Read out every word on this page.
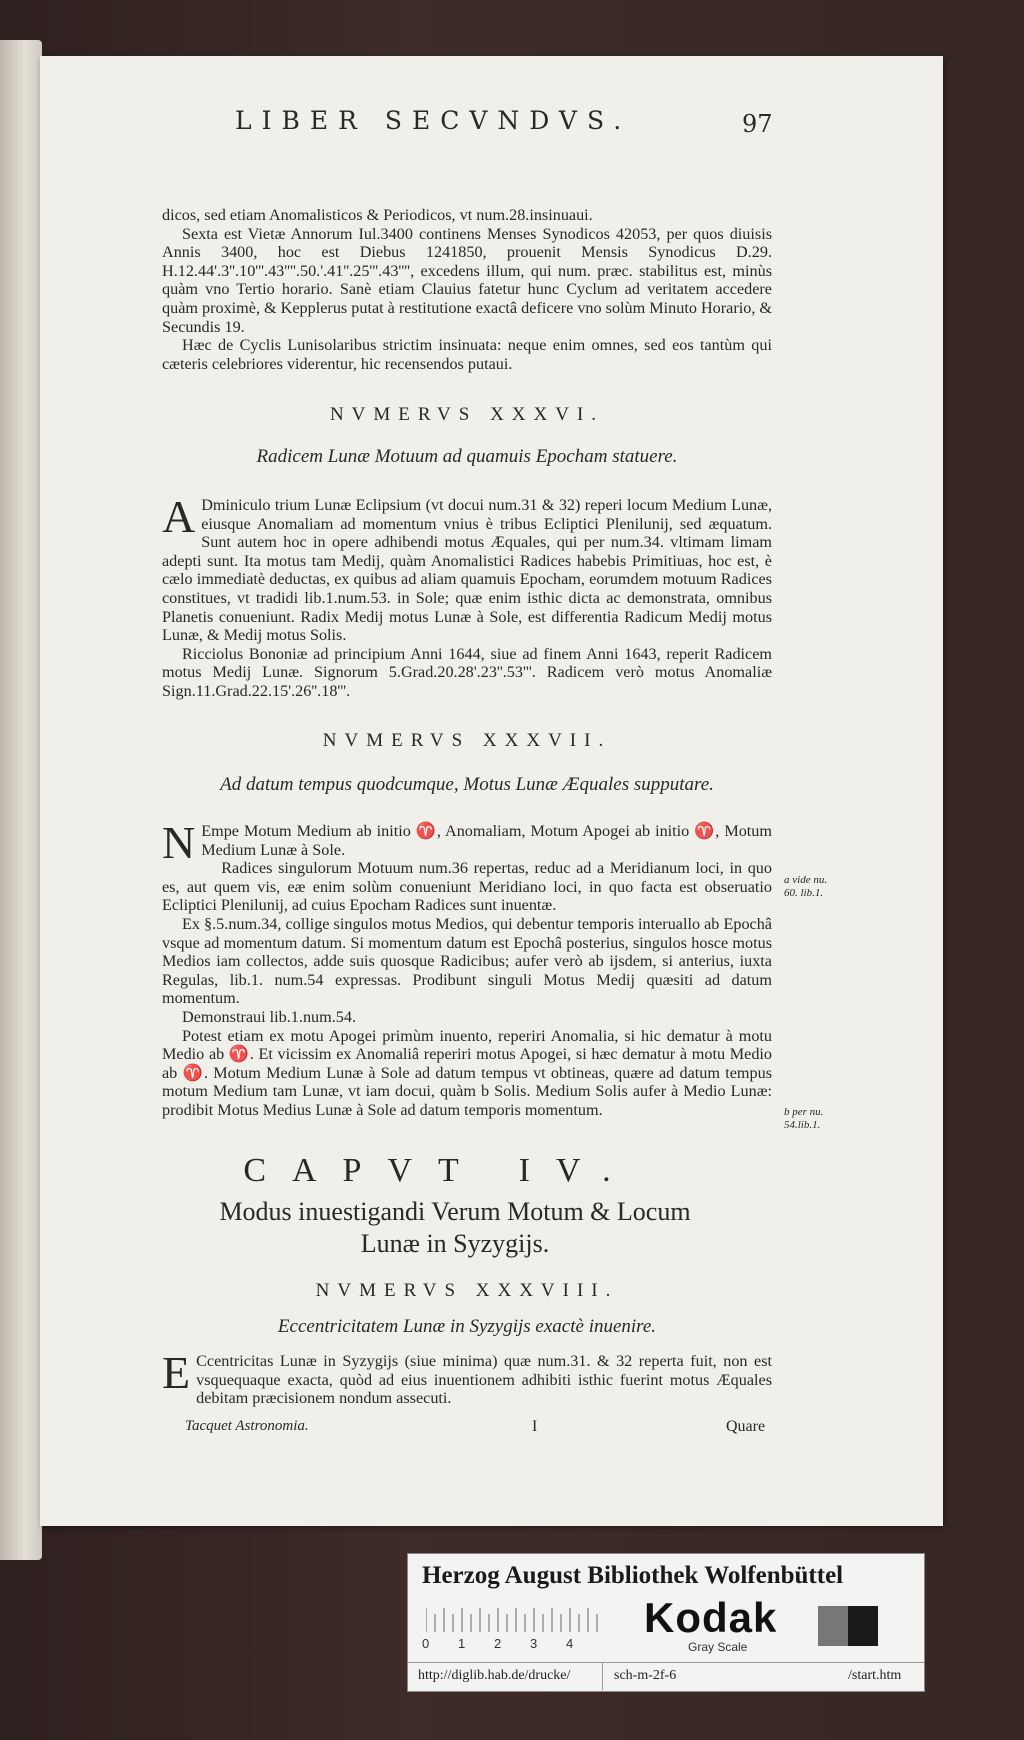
LIBER SECVNDVS.	97

dicos, sed etiam Anomalisticos & Periodicos, vt num.28.insinuaui.

Sexta est Vietæ Annorum Iul.3400 continens Menses Synodicos 42053, per quos diuisis Annis 3400, hoc est Diebus 1241850, prouenit Mensis Synodicus D.29. H.12.44'.3''.10'''.43''''.50.'.41''.25'''.43'''', excedens illum, qui num. præc. stabilitus est, minùs quàm vno Tertio horario. Sanè etiam Clauius fatetur hunc Cyclum ad veritatem accedere quàm proximè, & Kepplerus putat à restitutione exactâ deficere vno solùm Minuto Horario, & Secundis 19.

Hæc de Cyclis Lunisolaribus strictim insinuata: neque enim omnes, sed eos tantùm qui cæteris celebriores viderentur, hic recensendos putaui.

NVMERVS XXXVI.
Radicem Lunæ Motuum ad quamuis Epocham statuere.

A Dminiculo trium Lunæ Eclipsium (vt docui num.31 & 32) reperi locum Medium Lunæ, eiusque Anomaliam ad momentum vnius è tribus Ecliptici Plenilunij, sed æquatum. Sunt autem hoc in opere adhibendi motus Æquales, qui per num.34. vltimam limam adepti sunt. Ita motus tam Medij, quàm Anomalistici Radices habebis Primitiuas, hoc est, è cælo immediatè deductas, ex quibus ad aliam quamuis Epocham, eorumdem motuum Radices constitues, vt tradidi lib.1.num.53. in Sole; quæ enim isthic dicta ac demonstrata, omnibus Planetis conueniunt. Radix Medij motus Lunæ à Sole, est differentia Radicum Medij motus Lunæ, & Medij motus Solis.

Ricciolus Bononiæ ad principium Anni 1644, siue ad finem Anni 1643, reperit Radicem motus Medij Lunæ. Signorum 5.Grad.20.28'.23''.53'''. Radicem verò motus Anomaliæ Sign.11.Grad.22.15'.26''.18'''.

NVMERVS XXXVII.
Ad datum tempus quodcumque, Motus Lunæ Æquales supputare.

N Empe Motum Medium ab initio ♈, Anomaliam, Motum Apogei ab initio ♈, Motum Medium Lunæ à Sole.

Radices singulorum Motuum num.36 repertas, reduc ad a Meridianum loci, in quo es, aut quem vis, eæ enim solùm conueniunt Meridiano loci, in quo facta est obseruatio Ecliptici Plenilunij, ad cuius Epocham Radices sunt inuentæ.

Ex §.5.num.34, collige singulos motus Medios, qui debentur temporis interuallo ab Epochâ vsque ad momentum datum. Si momentum datum est Epochâ posterius, singulos hosce motus Medios iam collectos, adde suis quosque Radicibus; aufer verò ab ijsdem, si anterius, iuxta Regulas, lib.1. num.54 expressas. Prodibunt singuli Motus Medij quæsiti ad datum momentum.

Demonstraui lib.1.num.54.

Potest etiam ex motu Apogei primùm inuento, reperiri Anomalia, si hic dematur à motu Medio ab ♈. Et vicissim ex Anomaliâ reperiri motus Apogei, si hæc dematur à motu Medio ab ♈. Motum Medium Lunæ à Sole ad datum tempus vt obtineas, quære ad datum tempus motum Medium tam Lunæ, vt iam docui, quàm b Solis. Medium Solis aufer à Medio Lunæ: prodibit Motus Medius Lunæ à Sole ad datum temporis momentum.

a vide nu. 60. lib.1.
b per nu. 54.lib.1.
CAPVT IV.
Modus inuestigandi Verum Motum & Locum
Lunæ in Syzygijs.
NVMERVS XXXVIII.
Eccentricitatem Lunæ in Syzygijs exactè inuenire.

E Ccentricitas Lunæ in Syzygijs (siue minima) quæ num.31. & 32 reperta fuit, non est vsquequaque exacta, quòd ad eius inuentionem adhibiti isthic fuerint motus Æquales debitam præcisionem nondum assecuti.

Tacquet Astronomia.	I	Quare
Herzog August Bibliothek Wolfenbüttel
0 1 2 3 4
Kodak
Gray Scale
http://diglib.hab.de/drucke/	sch-m-2f-6	/start.htm
